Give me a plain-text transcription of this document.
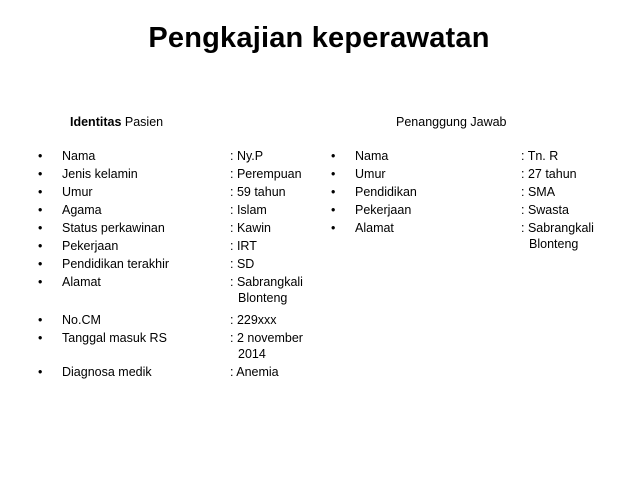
Pengkajian keperawatan
Identitas Pasien	Penanggung Jawab
• Nama	: Ny.P
• Jenis kelamin	: Perempuan
• Umur	: 59 tahun
• Agama	: Islam
• Status perkawinan	: Kawin
• Pekerjaan	: IRT
• Pendidikan terakhir	: SD
• Alamat	: Sabrangkali
Blonteng
• No.CM	: 229xxx
• Tanggal masuk RS	: 2 november
2014
• Diagnosa medik	: Anemia
• Nama	: Tn. R
• Umur	: 27 tahun
• Pendidikan	: SMA
• Pekerjaan	: Swasta
• Alamat	: Sabrangkali
Blonteng
